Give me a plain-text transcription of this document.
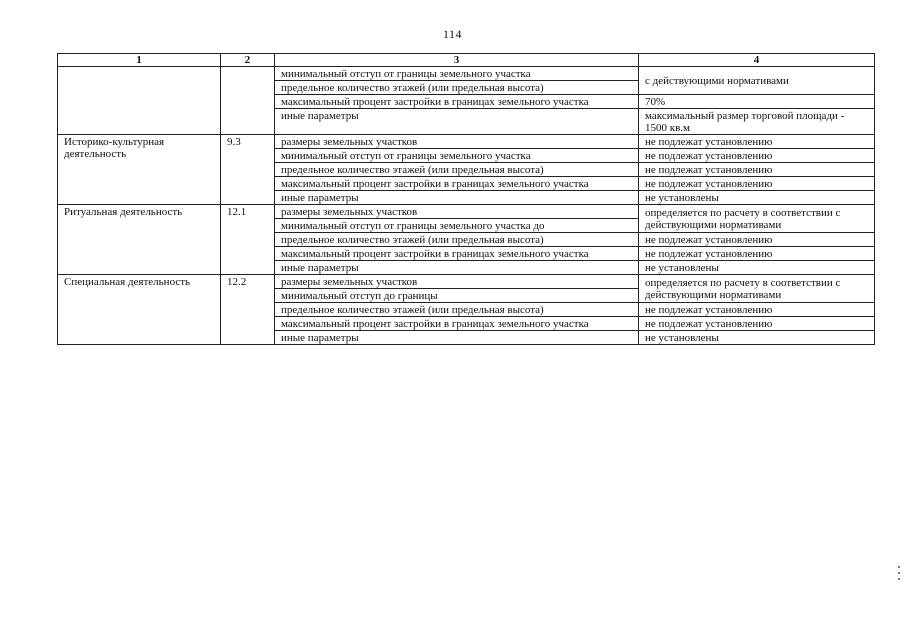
114
1	2	3	4
		минимальный отступ от границы земельного участка	с действующими нормативами
		предельное количество этажей (или предельная высота)	
		максимальный процент застройки в границах земельного участка	70%
		иные параметры	максимальный размер торговой площади - 1500 кв.м
Историко-культурная деятельность	9.3	размеры земельных участков	не подлежат установлению
		минимальный отступ от границы земельного участка	не подлежат установлению
		предельное количество этажей (или предельная высота)	не подлежат установлению
		максимальный процент застройки в границах земельного участка	не подлежат установлению
		иные параметры	не установлены
Ритуальная деятельность	12.1	размеры земельных участков	определяется по расчету в соответствии с действующими нормативами
		минимальный отступ от границы земельного участка до	
		предельное количество этажей (или предельная высота)	не подлежат установлению
		максимальный процент застройки в границах земельного участка	не подлежат установлению
		иные параметры	не установлены
Специальная деятельность	12.2	размеры земельных участков	определяется по расчету в соответствии с действующими нормативами
		минимальный отступ до границы	
		предельное количество этажей (или предельная высота)	не подлежат установлению
		максимальный процент застройки в границах земельного участка	не подлежат установлению
		иные параметры	не установлены
